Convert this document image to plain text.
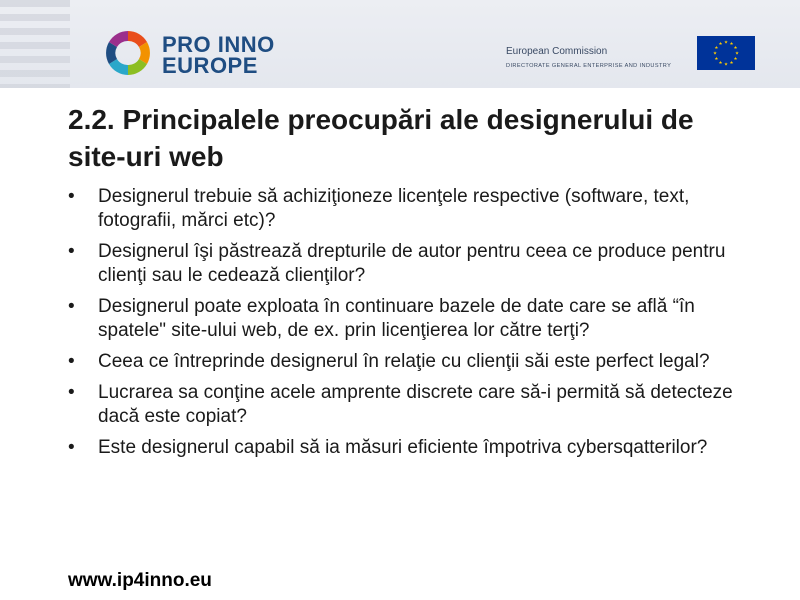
PRO INNO
EUROPE
European Commission
DIRECTORATE GENERAL ENTERPRISE AND INDUSTRY
★ ★
★
★
★
★
★
★
★
★
★
★
2.2. Principalele preocupări ale designerului de site-uri web
• Designerul trebuie să achiziţioneze licenţele respective (software, text, fotografii, mărci etc)?
• Designerul îşi păstrează drepturile de autor pentru ceea ce produce pentru clienţi sau le cedează clienţilor?
• Designerul poate exploata în continuare bazele de date care se află “în spatele" site-ului web, de ex. prin licenţierea lor către terţi?
• Ceea ce întreprinde designerul în relaţie cu clienţii săi este perfect legal?
• Lucrarea sa conţine acele amprente discrete care să-i permită să detecteze dacă este copiat?
• Este designerul capabil să ia măsuri eficiente împotriva cybersqatterilor?
www.ip4inno.eu
